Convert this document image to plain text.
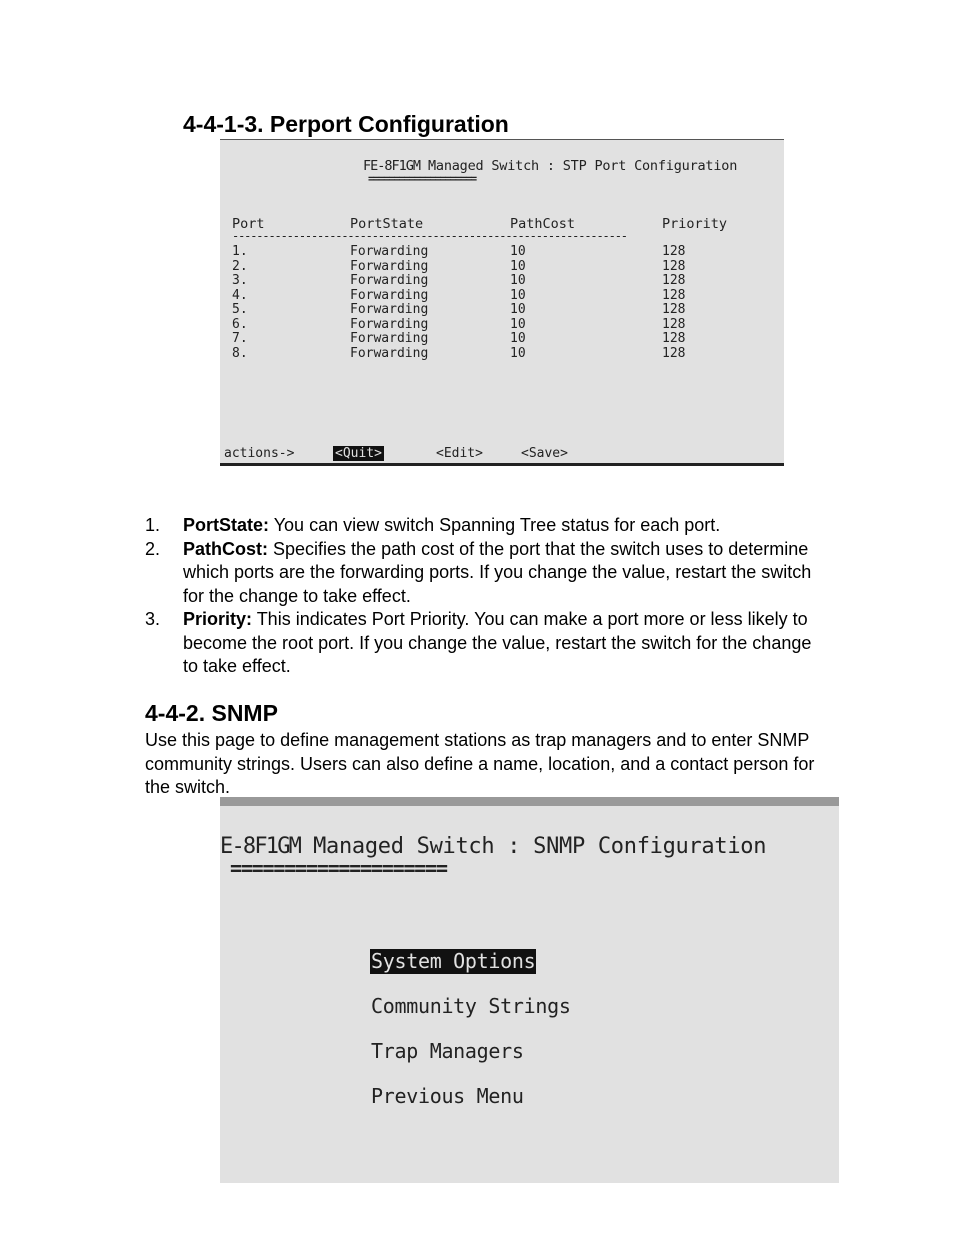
4-4-1-3. Perport Configuration
FE-8F1GM Managed Switch : STP Port Configuration
=====================
Port	PortState	PathCost	Priority
-----------------------------------------------------------------
1.	Forwarding	10	128
2.	Forwarding	10	128
3.	Forwarding	10	128
4.	Forwarding	10	128
5.	Forwarding	10	128
6.	Forwarding	10	128
7.	Forwarding	10	128
8.	Forwarding	10	128
actions->	<Quit>	<Edit>	<Save>
1. PortState: You can view switch Spanning Tree status for each port.
2. PathCost: Specifies the path cost of the port that the switch uses to determine which ports are the forwarding ports. If you change the value, restart the switch for the change to take effect.
3. Priority: This indicates Port Priority. You can make a port more or less likely to become the root port. If you change the value, restart the switch for the change to take effect.
4-4-2. SNMP
Use this page to define management stations as trap managers and to enter SNMP community strings. Users can also define a name, location, and a contact person for the switch.
E-8F1GM Managed Switch : SNMP Configuration
====================
System Options
Community Strings
Trap Managers
Previous Menu
